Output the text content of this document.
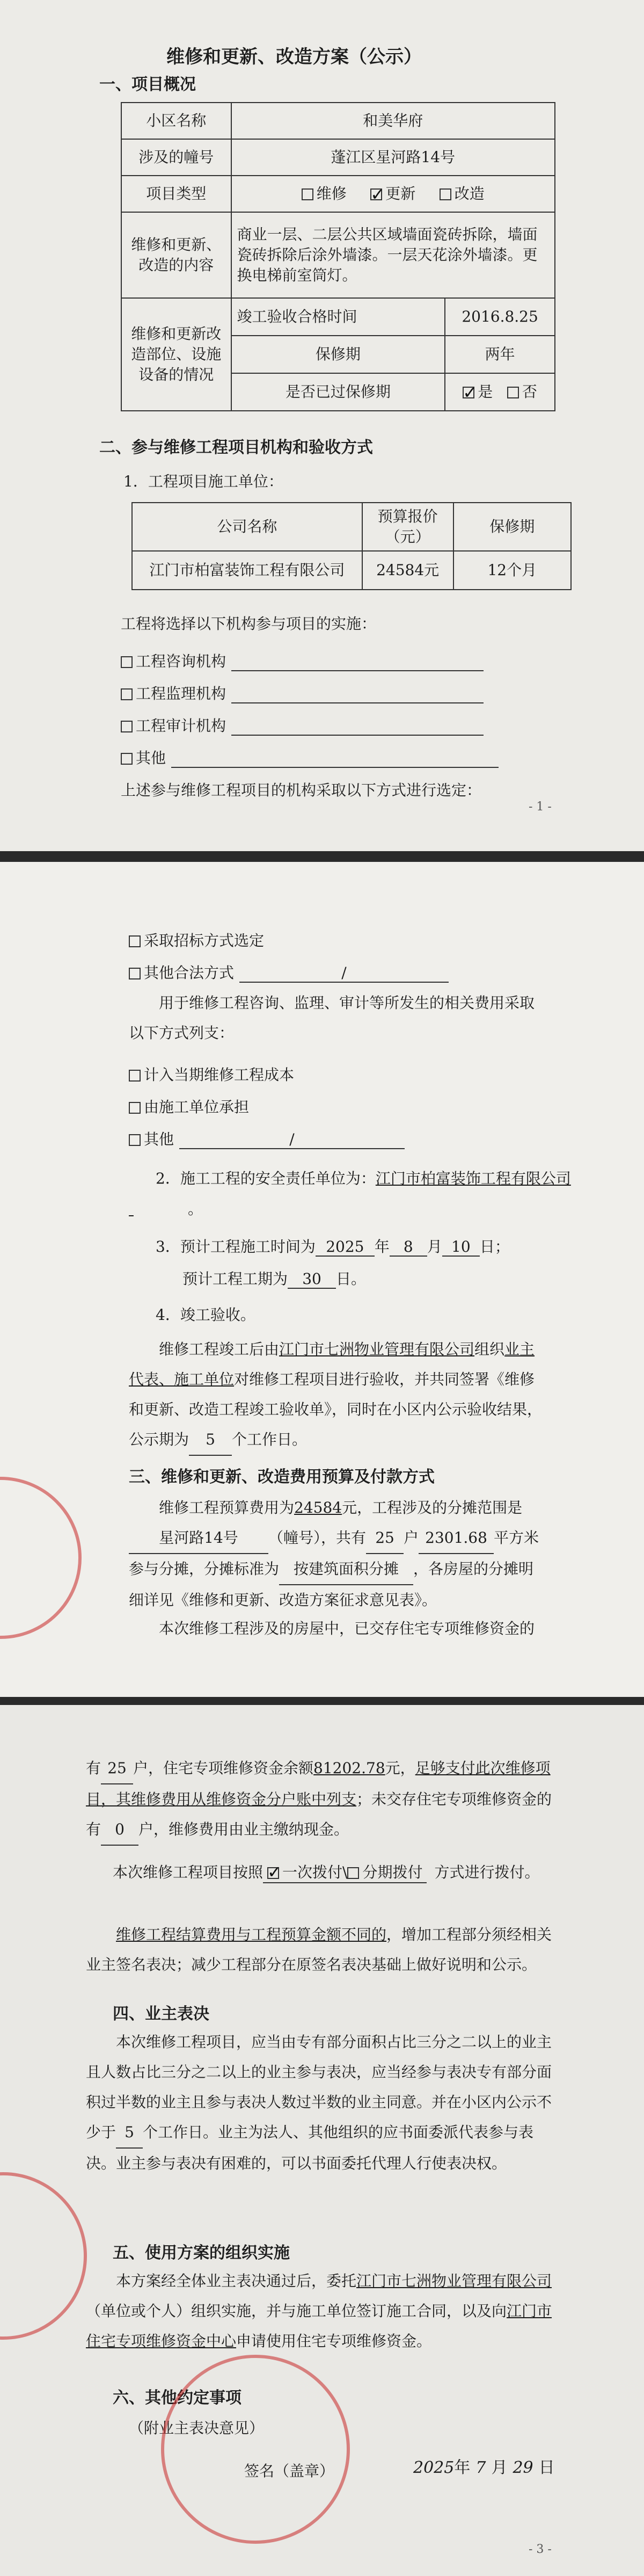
维修和更新、改造方案（公示）
一、项目概况
小区名称	和美华府	
涉及的幢号	蓬江区星河路14号	
项目类型	维修 ✓ 更新 改造
维修和更新、改造的内容	商业一层、二层公共区域墙面瓷砖拆除，墙面瓷砖拆除后涂外墙漆。一层天花涂外墙漆。更换电梯前室筒灯。	
维修和更新改造部位、设施设备的情况	竣工验收合格时间	2016.8.25
	保修期	两年
	是否已过保修期	✓是 否
二、参与维修工程项目机构和验收方式
1．工程项目施工单位：
公司名称	预算报价（元）	保修期
江门市柏富装饰工程有限公司	24584元	12个月
工程将选择以下机构参与项目的实施：
工程咨询机构
工程监理机构
工程审计机构
其他
上述参与维修工程项目的机构采取以下方式进行选定：
- 1 -
采取招标方式选定
其他合法方式	/
用于维修工程咨询、监理、审计等所发生的相关费用采取以下方式列支：
计入当期维修工程成本
由施工单位承担
其他	/
2．施工工程的安全责任单位为：江门市柏富装饰工程有限公司
。
3．预计工程施工时间为 2025 年 8 月 10 日；
预计工程工期为 30 日。
4．竣工验收。
维修工程竣工后由江门市七洲物业管理有限公司组织业主代表、施工单位对维修工程项目进行验收，并共同签署《维修和更新、改造工程竣工验收单》，同时在小区内公示验收结果，公示期为 5 个工作日。
三、维修和更新、改造费用预算及付款方式
维修工程预算费用为24584元，工程涉及的分摊范围是星河路14号 （幢号），共有 25 户 2301.68 平方米参与分摊，分摊标准为 按建筑面积分摊 ，各房屋的分摊明细详见《维修和更新、改造方案征求意见表》。
本次维修工程涉及的房屋中，已交存住宅专项维修资金的
有 25 户，住宅专项维修资金余额81202.78元，足够支付此次维修项目，其维修费用从维修资金分户账中列支；未交存住宅专项维修资金的有 0 户，维修费用由业主缴纳现金。
本次维修工程项目按照 ✓ 一次拨付\ 分期拨付 方式进行拨付。
维修工程结算费用与工程预算金额不同的，增加工程部分须经相关业主签名表决；减少工程部分在原签名表决基础上做好说明和公示。
四、业主表决
本次维修工程项目，应当由专有部分面积占比三分之二以上的业主且人数占比三分之二以上的业主参与表决，应当经参与表决专有部分面积过半数的业主且参与表决人数过半数的业主同意。并在小区内公示不少于 5 个工作日。业主为法人、其他组织的应书面委派代表参与表决。业主参与表决有困难的，可以书面委托代理人行使表决权。
五、使用方案的组织实施
本方案经全体业主表决通过后，委托江门市七洲物业管理有限公司（单位或个人）组织实施，并与施工单位签订施工合同，以及向江门市住宅专项维修资金中心申请使用住宅专项维修资金。
六、其他约定事项
（附业主表决意见）
签名（盖章）	2025年 7 月 29 日
- 3 -
